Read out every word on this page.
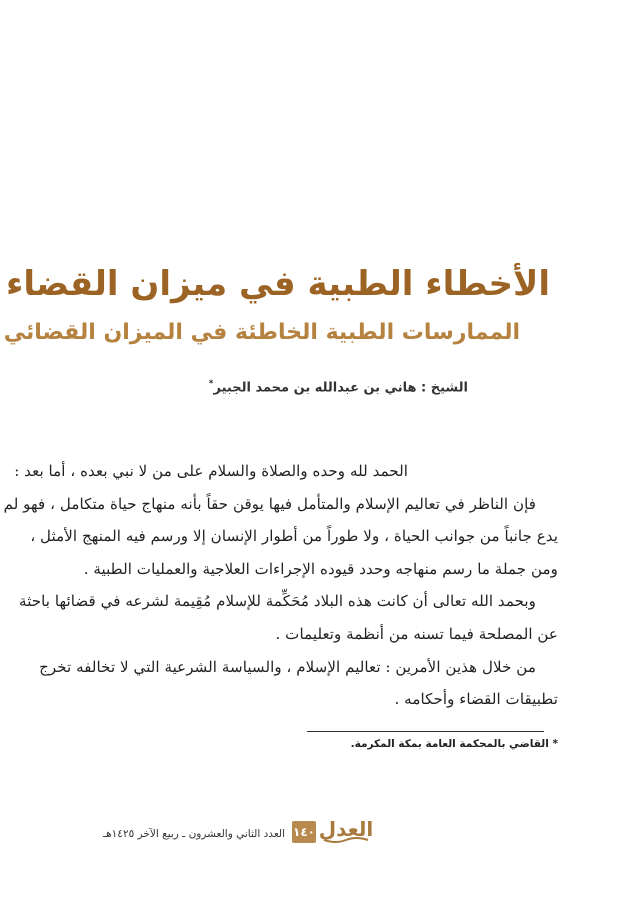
الأخطاء الطبية في ميزان القضاء
الممارسات الطبية الخاطئة في الميزان القضائي
الشيخ : هاني بن عبدالله بن محمد الجبير*

الحمد لله وحده والصلاة والسلام على من لا نبي بعده ، أما بعد :

فإن الناظر في تعاليم الإسلام والمتأمل فيها يوقن حقاً بأنه منهاج حياة متكامل ، فهو لم

يدع جانباً من جوانب الحياة ، ولا طوراً من أطوار الإنسان إلا ورسم فيه المنهج الأمثل ،

ومن جملة ما رسم منهاجه وحدد قيوده الإجراءات العلاجية والعمليات الطبية .

وبحمد الله تعالى أن كانت هذه البلاد مُحَكِّمة للإسلام مُقِيمة لشرعه في قضائها باحثة

عن المصلحة فيما تسنه من أنظمة وتعليمات .

من خلال هذين الأمرين : تعاليم الإسلام ، والسياسة الشرعية التي لا تخالفه تخرج

تطبيقات القضاء وأحكامه .

* القاضي بالمحكمة العامة بمكة المكرمة.
العدد الثاني والعشرون ـ ربيع الآخر ١٤٢٥هـ ١٤٠ العدل
